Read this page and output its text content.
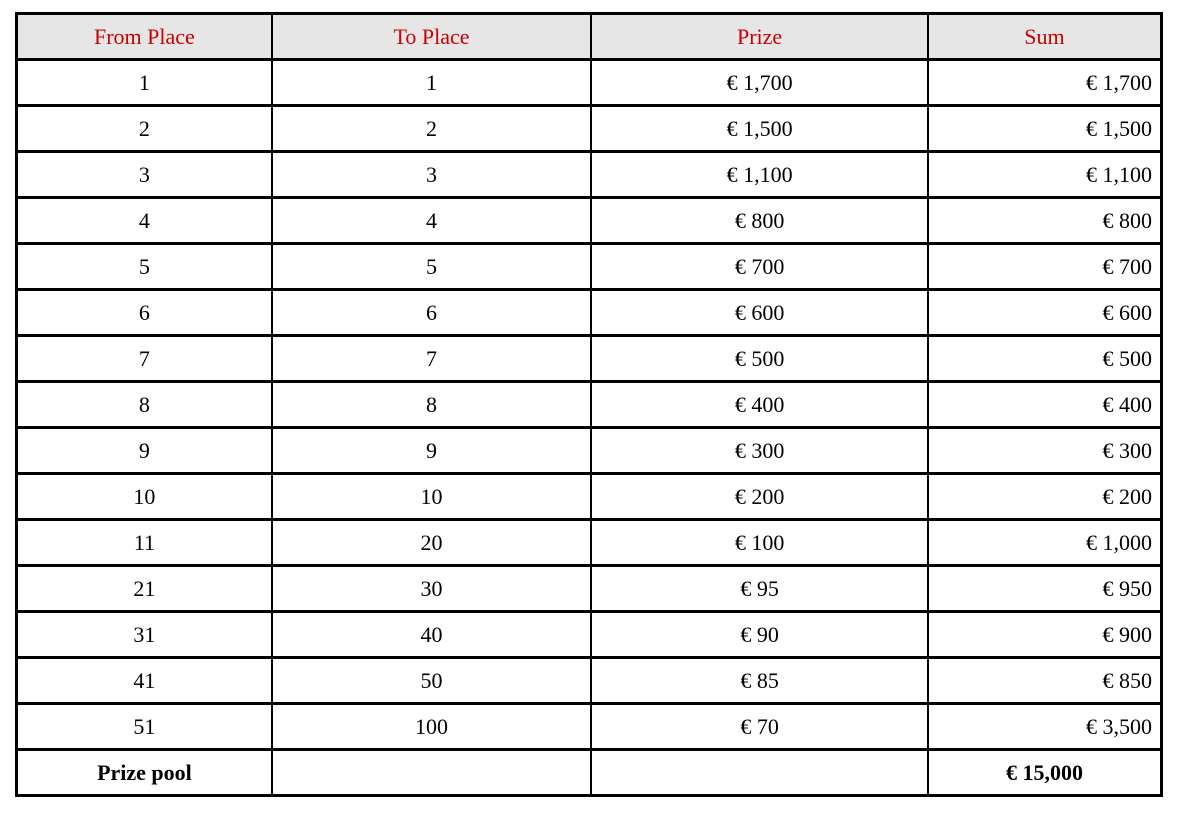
From Place	To Place	Prize	Sum
1	1	€ 1,700	€ 1,700
2	2	€ 1,500	€ 1,500
3	3	€ 1,100	€ 1,100
4	4	€ 800	€ 800
5	5	€ 700	€ 700
6	6	€ 600	€ 600
7	7	€ 500	€ 500
8	8	€ 400	€ 400
9	9	€ 300	€ 300
10	10	€ 200	€ 200
11	20	€ 100	€ 1,000
21	30	€ 95	€ 950
31	40	€ 90	€ 900
41	50	€ 85	€ 850
51	100	€ 70	€ 3,500
Prize pool			€ 15,000
